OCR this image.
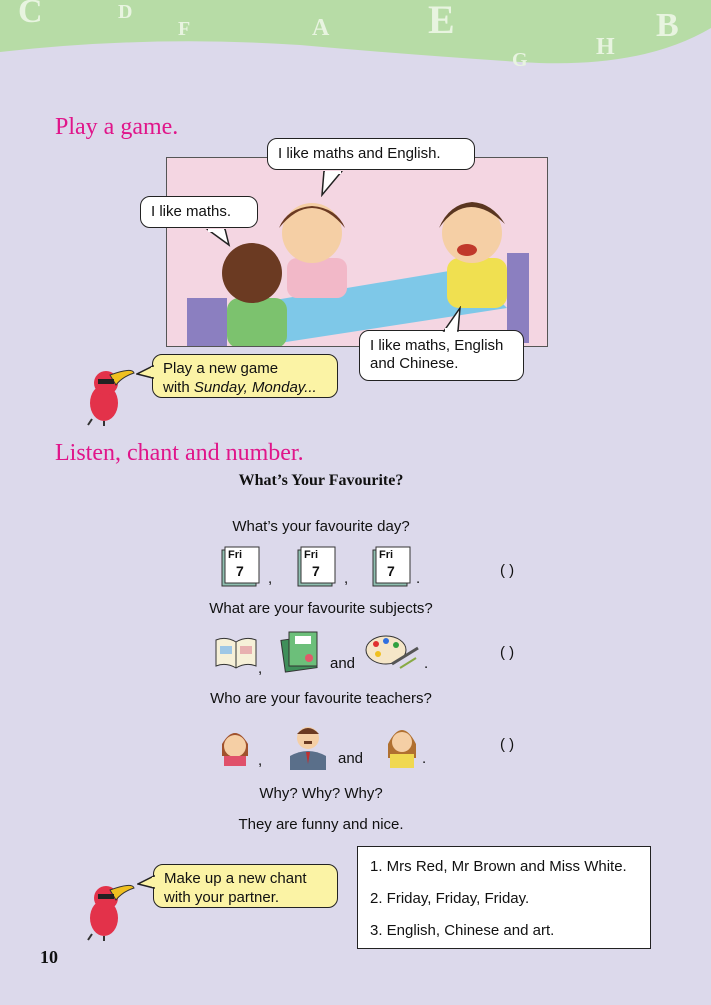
C	D
F	A E
G	H
B
Play a game.
I like maths and English.
I like maths.
I like maths, English
and Chinese.
Play a new game
with Sunday, Monday...
Listen, chant and number.
What’s Your Favourite?
What’s your favourite day?
Fri
7 ,
Fri
7 ,
Fri
7 .	( )
What are your favourite subjects?
,	and	.
( )
Who are your favourite teachers?
,	and	.
( )
Why? Why? Why?
They are funny and nice.
Make up a new chant
with your partner.
1. Mrs Red, Mr Brown and Miss White.
2. Friday, Friday, Friday.
3. English, Chinese and art.
10
